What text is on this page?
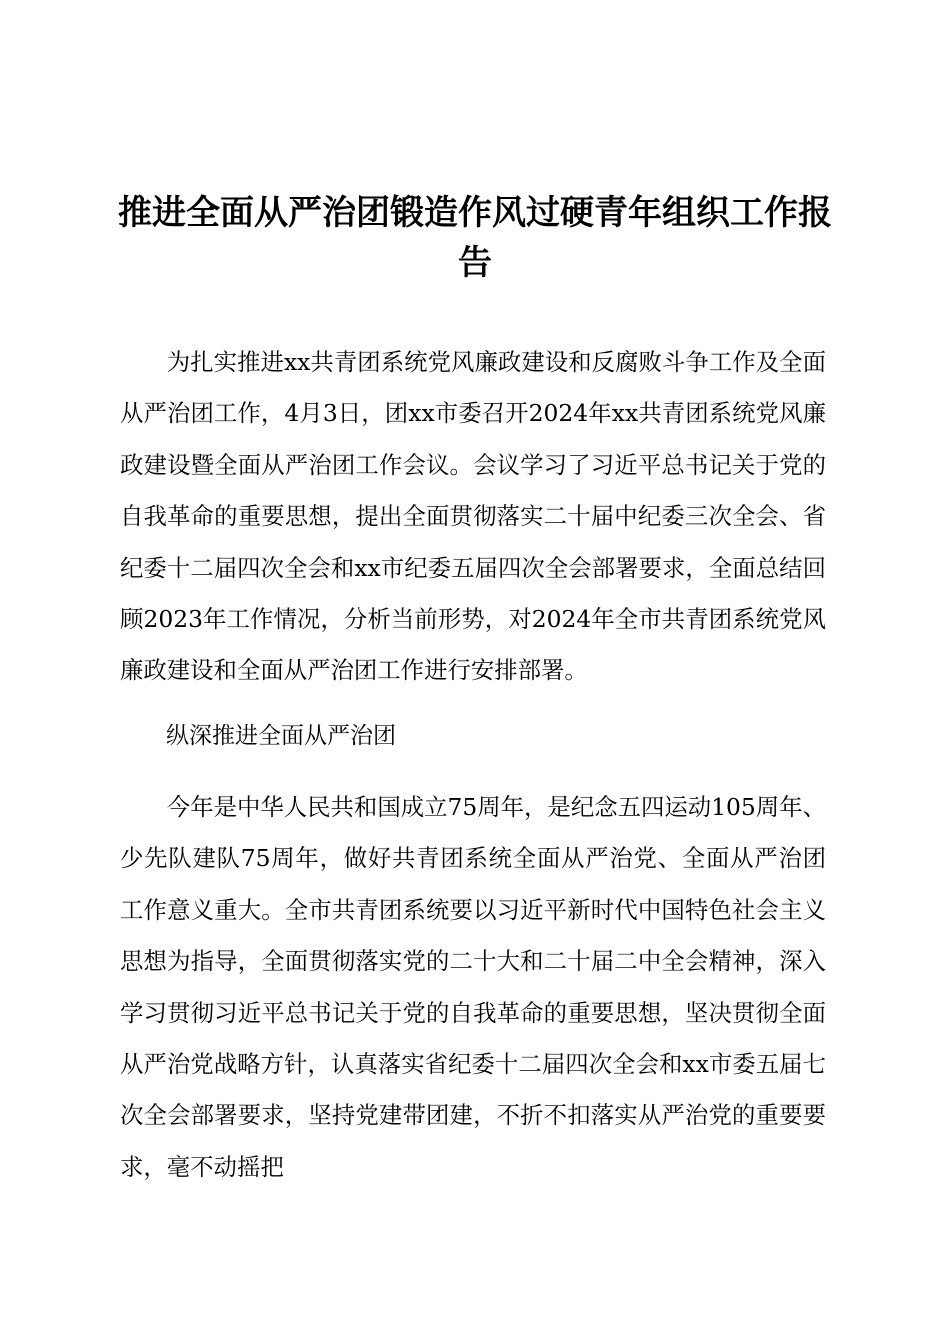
推进全面从严治团锻造作风过硬青年组织工作报告

为扎实推进xx共青团系统党风廉政建设和反腐败斗争工作及全面从严治团工作，4月3日，团xx市委召开2024年xx共青团系统党风廉政建设暨全面从严治团工作会议。会议学习了习近平总书记关于党的自我革命的重要思想，提出全面贯彻落实二十届中纪委三次全会、省纪委十二届四次全会和xx市纪委五届四次全会部署要求，全面总结回顾2023年工作情况，分析当前形势，对2024年全市共青团系统党风廉政建设和全面从严治团工作进行安排部署。

纵深推进全面从严治团

今年是中华人民共和国成立75周年，是纪念五四运动105周年、少先队建队75周年，做好共青团系统全面从严治党、全面从严治团工作意义重大。全市共青团系统要以习近平新时代中国特色社会主义思想为指导，全面贯彻落实党的二十大和二十届二中全会精神，深入学习贯彻习近平总书记关于党的自我革命的重要思想，坚决贯彻全面从严治党战略方针，认真落实省纪委十二届四次全会和xx市委五届七次全会部署要求，坚持党建带团建，不折不扣落实从严治党的重要要求，毫不动摇把
